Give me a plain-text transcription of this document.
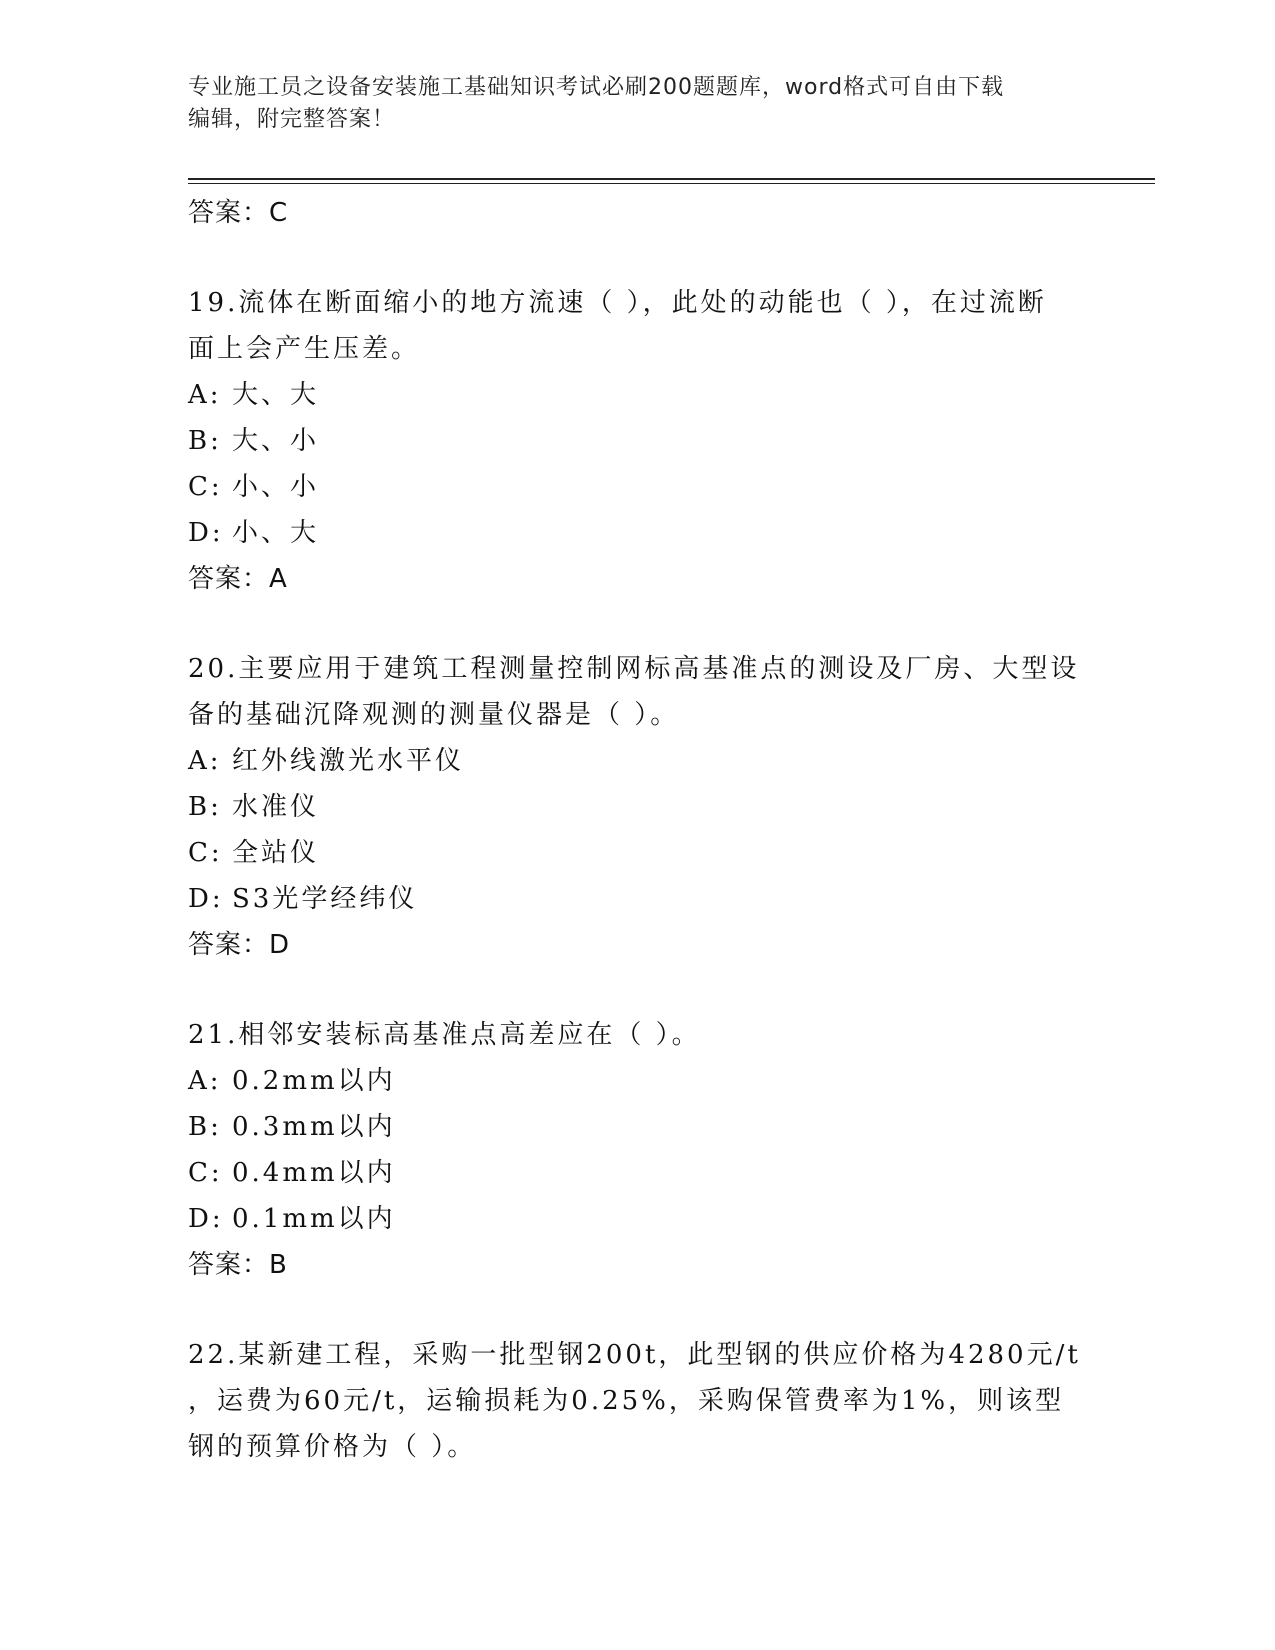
专业施工员之设备安装施工基础知识考试必刷200题题库，word格式可自由下载
编辑，附完整答案！
答案：C
19.流体在断面缩小的地方流速（ ），此处的动能也（ ），在过流断
面上会产生压差。
A: 大、大
B: 大、小
C: 小、小
D: 小、大
答案：A
20.主要应用于建筑工程测量控制网标高基准点的测设及厂房、大型设
备的基础沉降观测的测量仪器是（ ）。
A: 红外线激光水平仪
B: 水准仪
C: 全站仪
D: S3光学经纬仪
答案：D
21.相邻安装标高基准点高差应在（ ）。
A: 0.2mm以内
B: 0.3mm以内
C: 0.4mm以内
D: 0.1mm以内
答案：B
22.某新建工程，采购一批型钢200t，此型钢的供应价格为4280元/t
，运费为60元/t，运输损耗为0.25%，采购保管费率为1%，则该型
钢的预算价格为（ ）。
